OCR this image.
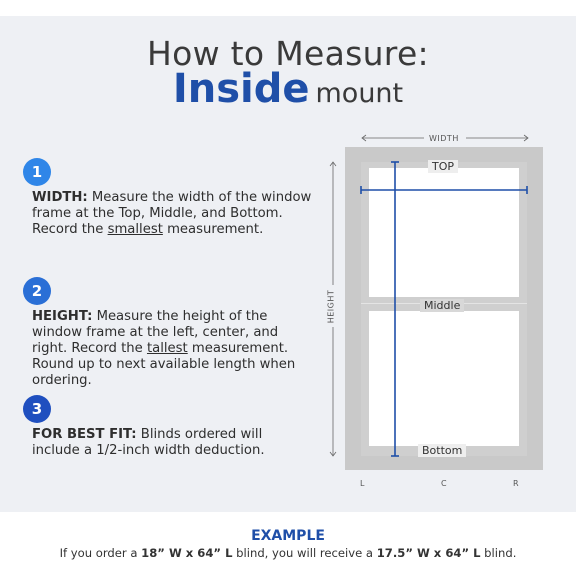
How to Measure:
Inside mount
1
WIDTH: Measure the width of the window frame at the Top, Middle, and Bottom. Record the smallest measurement.
2
HEIGHT: Measure the height of the window frame at the left, center, and right. Record the tallest measurement. Round up to next available length when ordering.
3
FOR BEST FIT: Blinds ordered will include a 1/2-inch width deduction.
WIDTH
HEIGHT
TOP
Middle
Bottom
L	C	R
EXAMPLE
If you order a 18” W x 64” L blind, you will receive a 17.5” W x 64” L blind.
